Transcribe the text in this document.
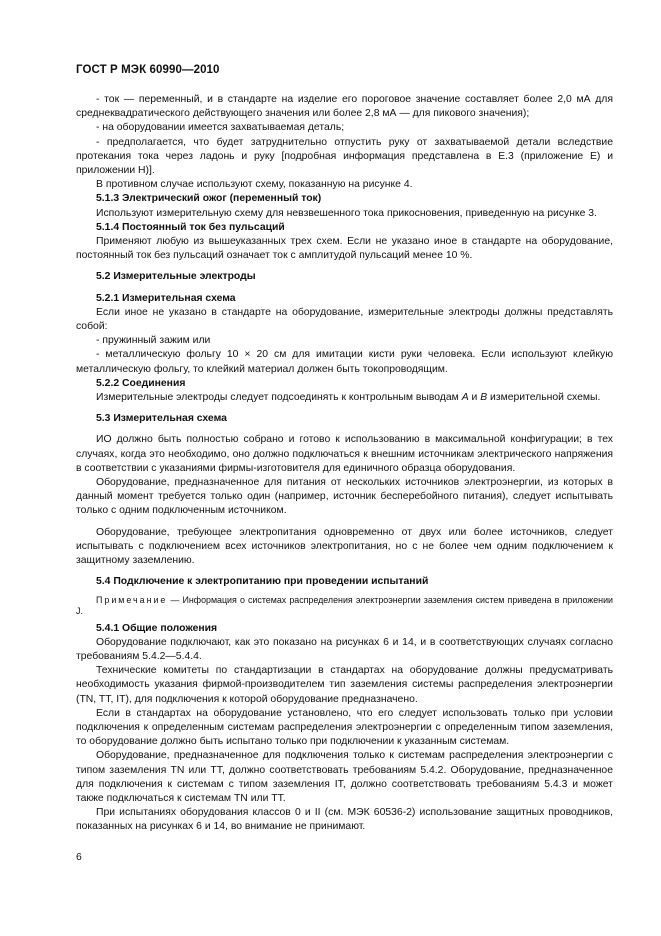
ГОСТ Р МЭК 60990—2010

- ток — переменный, и в стандарте на изделие его пороговое значение составляет более 2,0 мА для среднеквадратического действующего значения или более 2,8 мА — для пикового значения);

- на оборудовании имеется захватываемая деталь;

- предполагается, что будет затруднительно отпустить руку от захватываемой детали вследствие протекания тока через ладонь и руку [подробная информация представлена в Е.3 (приложение Е) и приложении Н)].

В противном случае используют схему, показанную на рисунке 4.

5.1.3 Электрический ожог (переменный ток)

Используют измерительную схему для невзвешенного тока прикосновения, приведенную на рисунке 3.

5.1.4 Постоянный ток без пульсаций

Применяют любую из вышеуказанных трех схем. Если не указано иное в стандарте на оборудование, постоянный ток без пульсаций означает ток с амплитудой пульсаций менее 10 %.

5.2 Измерительные электроды
5.2.1 Измерительная схема

Если иное не указано в стандарте на оборудование, измерительные электроды должны представлять собой:

- пружинный зажим или

- металлическую фольгу 10 × 20 см для имитации кисти руки человека. Если используют клейкую металлическую фольгу, то клейкий материал должен быть токопроводящим.

5.2.2 Соединения

Измерительные электроды следует подсоединять к контрольным выводам A и B измерительной схемы.

5.3 Измерительная схема

ИО должно быть полностью собрано и готово к использованию в максимальной конфигурации; в тех случаях, когда это необходимо, оно должно подключаться к внешним источникам электрического напряжения в соответствии с указаниями фирмы-изготовителя для единичного образца оборудования.

Оборудование, предназначенное для питания от нескольких источников электроэнергии, из которых в данный момент требуется только один (например, источник бесперебойного питания), следует испытывать только с одним подключенным источником.

Оборудование, требующее электропитания одновременно от двух или более источников, следует испытывать с подключением всех источников электропитания, но с не более чем одним подключением к защитному заземлению.

5.4 Подключение к электропитанию при проведении испытаний
Примечание — Информация о системах распределения электроэнергии заземления систем приведена в приложении J.
5.4.1 Общие положения

Оборудование подключают, как это показано на рисунках 6 и 14, и в соответствующих случаях согласно требованиям 5.4.2—5.4.4.

Технические комитеты по стандартизации в стандартах на оборудование должны предусматривать необходимость указания фирмой-производителем тип заземления системы распределения электроэнергии (TN, TT, IT), для подключения к которой оборудование предназначено.

Если в стандартах на оборудование установлено, что его следует использовать только при условии подключения к определенным системам распределения электроэнергии с определенным типом заземления, то оборудование должно быть испытано только при подключении к указанным системам.

Оборудование, предназначенное для подключения только к системам распределения электроэнергии с типом заземления TN или TT, должно соответствовать требованиям 5.4.2. Оборудование, предназначенное для подключения к системам с типом заземления IT, должно соответствовать требованиям 5.4.3 и может также подключаться к системам TN или TT.

При испытаниях оборудования классов 0 и II (см. МЭК 60536-2) использование защитных проводников, показанных на рисунках 6 и 14, во внимание не принимают.

6
